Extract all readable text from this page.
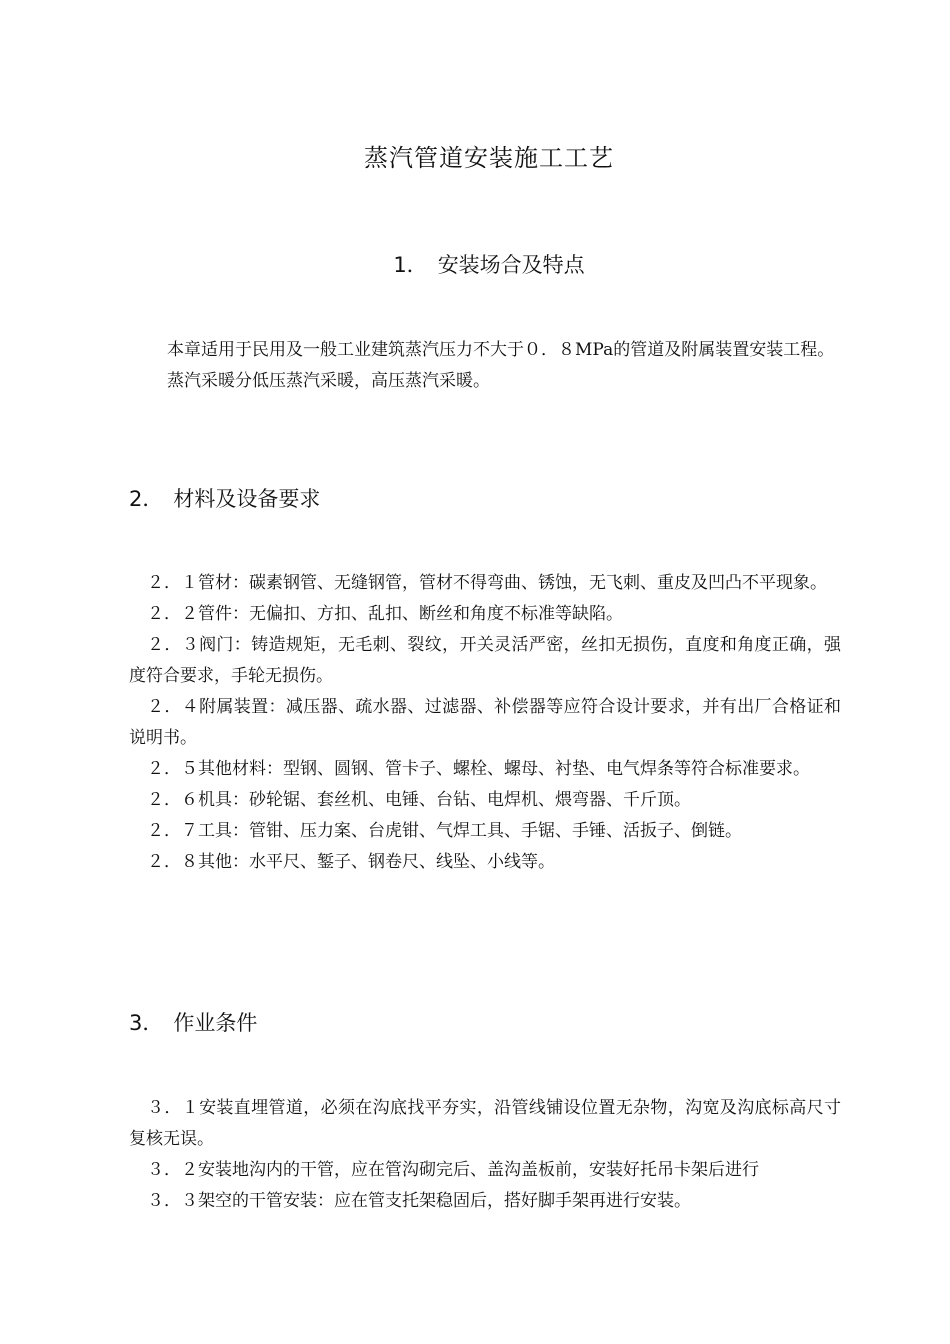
蒸汽管道安装施工工艺
1． 安装场合及特点

本章适用于民用及一般工业建筑蒸汽压力不大于０．８MPa的管道及附属装置安装工程。

蒸汽采暖分低压蒸汽采暖，高压蒸汽采暖。

2． 材料及设备要求

２．１管材：碳素钢管、无缝钢管，管材不得弯曲、锈蚀，无飞刺、重皮及凹凸不平现象。

２．２管件：无偏扣、方扣、乱扣、断丝和角度不标准等缺陷。

２．３阀门：铸造规矩，无毛刺、裂纹，开关灵活严密，丝扣无损伤，直度和角度正确，强度符合要求，手轮无损伤。

２．４附属装置：减压器、疏水器、过滤器、补偿器等应符合设计要求，并有出厂合格证和说明书。

２．５其他材料：型钢、圆钢、管卡子、螺栓、螺母、衬垫、电气焊条等符合标准要求。

２．６机具：砂轮锯、套丝机、电锤、台钻、电焊机、煨弯器、千斤顶。

２．７工具：管钳、压力案、台虎钳、气焊工具、手锯、手锤、活扳子、倒链。

２．８其他：水平尺、錾子、钢卷尺、线坠、小线等。

3． 作业条件

３．１安装直埋管道，必须在沟底找平夯实，沿管线铺设位置无杂物，沟宽及沟底标高尺寸复核无误。

３．２安装地沟内的干管，应在管沟砌完后、盖沟盖板前，安装好托吊卡架后进行

３．３架空的干管安装：应在管支托架稳固后，搭好脚手架再进行安装。
